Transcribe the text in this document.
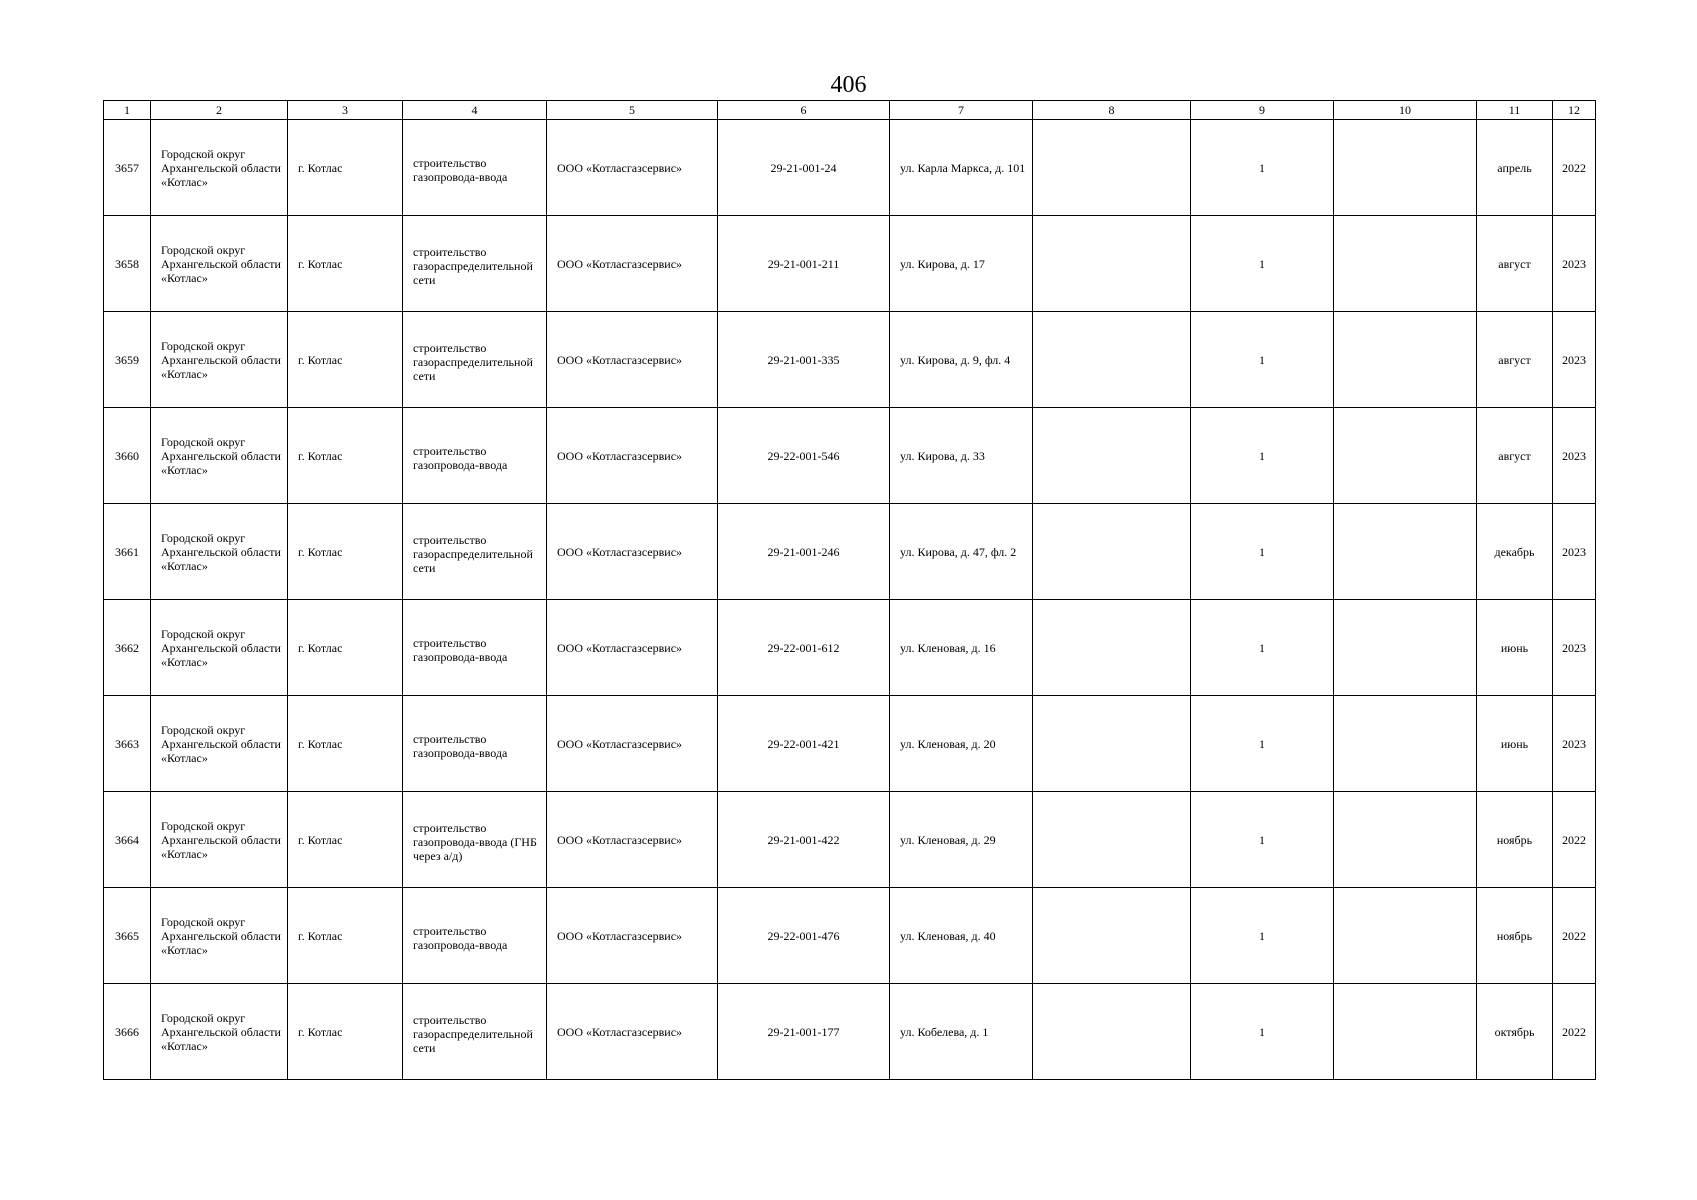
406
1	2	3	4	5	6	7	8	9	10	11	12
3657	Городской округ Архангельской области «Котлас»	г. Котлас	строительство газопровода-ввода	ООО «Котласгазсервис»	29-21-001-24	ул. Карла Маркса, д. 101		1		апрель	2022
3658	Городской округ Архангельской области «Котлас»	г. Котлас	строительство газораспределительной сети	ООО «Котласгазсервис»	29-21-001-211	ул. Кирова, д. 17		1		август	2023
3659	Городской округ Архангельской области «Котлас»	г. Котлас	строительство газораспределительной сети	ООО «Котласгазсервис»	29-21-001-335	ул. Кирова, д. 9, фл. 4		1		август	2023
3660	Городской округ Архангельской области «Котлас»	г. Котлас	строительство газопровода-ввода	ООО «Котласгазсервис»	29-22-001-546	ул. Кирова, д. 33		1		август	2023
3661	Городской округ Архангельской области «Котлас»	г. Котлас	строительство газораспределительной сети	ООО «Котласгазсервис»	29-21-001-246	ул. Кирова, д. 47, фл. 2		1		декабрь	2023
3662	Городской округ Архангельской области «Котлас»	г. Котлас	строительство газопровода-ввода	ООО «Котласгазсервис»	29-22-001-612	ул. Кленовая, д. 16		1		июнь	2023
3663	Городской округ Архангельской области «Котлас»	г. Котлас	строительство газопровода-ввода	ООО «Котласгазсервис»	29-22-001-421	ул. Кленовая, д. 20		1		июнь	2023
3664	Городской округ Архангельской области «Котлас»	г. Котлас	строительство газопровода-ввода (ГНБ через а/д)	ООО «Котласгазсервис»	29-21-001-422	ул. Кленовая, д. 29		1		ноябрь	2022
3665	Городской округ Архангельской области «Котлас»	г. Котлас	строительство газопровода-ввода	ООО «Котласгазсервис»	29-22-001-476	ул. Кленовая, д. 40		1		ноябрь	2022
3666	Городской округ Архангельской области «Котлас»	г. Котлас	строительство газораспределительной сети	ООО «Котласгазсервис»	29-21-001-177	ул. Кобелева, д. 1		1		октябрь	2022
